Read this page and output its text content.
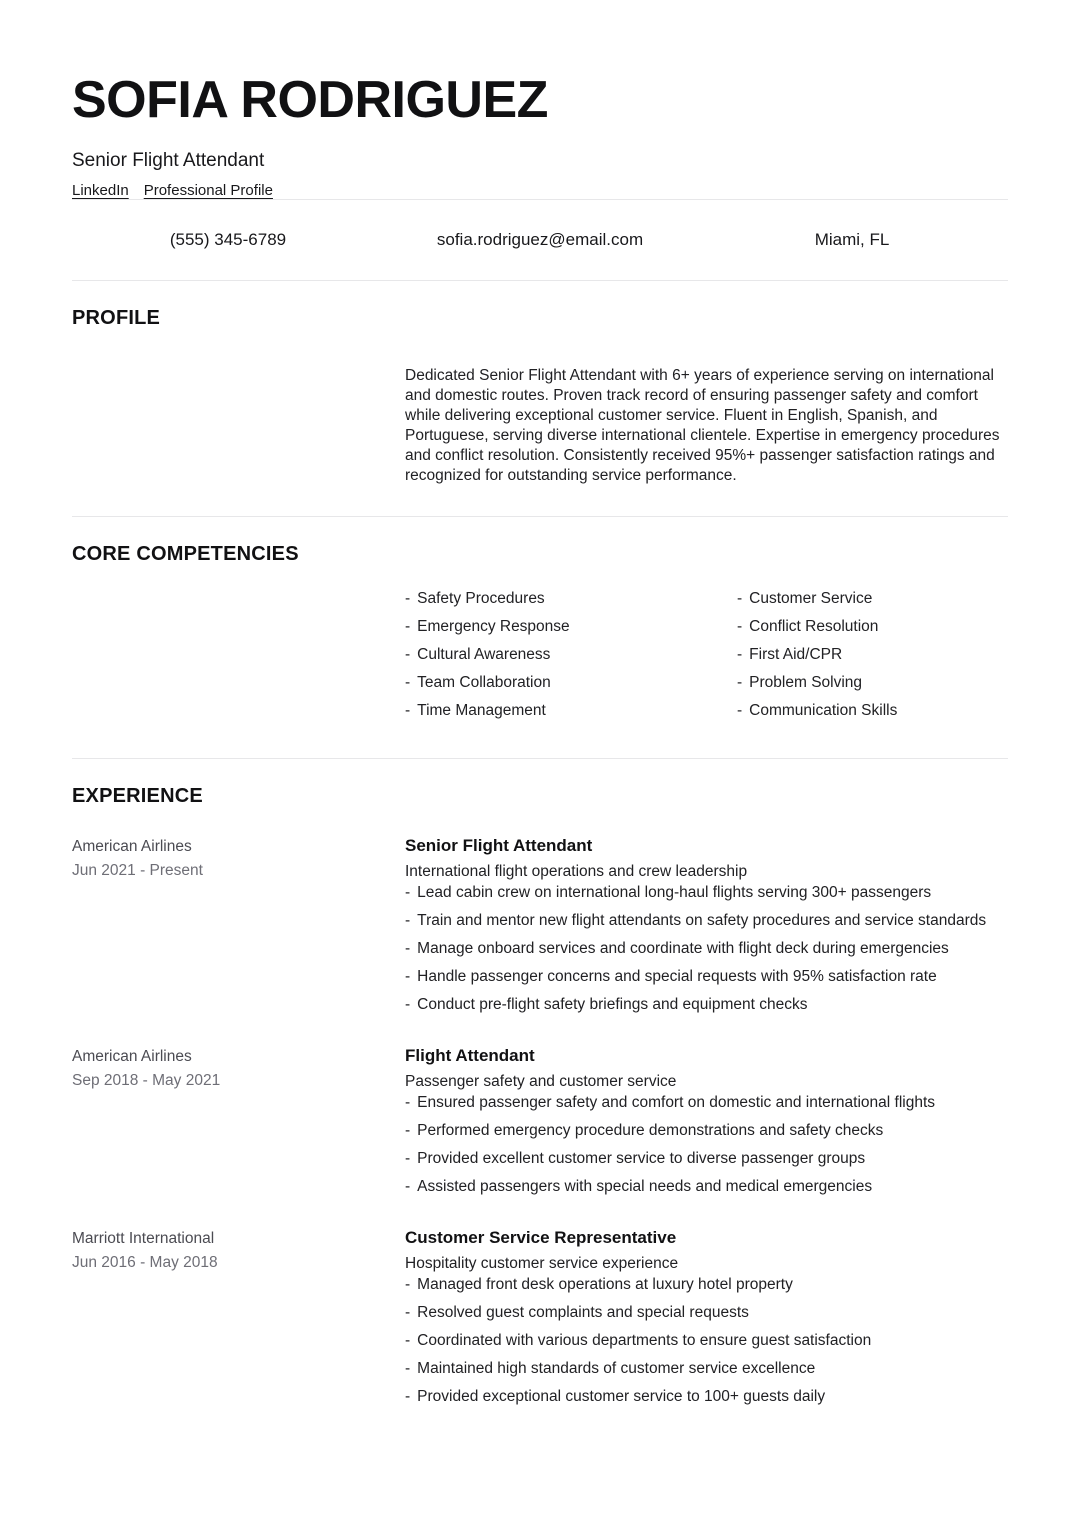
SOFIA RODRIGUEZ
Senior Flight Attendant
LinkedIn Professional Profile
(555) 345-6789	sofia.rodriguez@email.com	Miami, FL
PROFILE

Dedicated Senior Flight Attendant with 6+ years of experience serving on international and domestic routes. Proven track record of ensuring passenger safety and comfort while delivering exceptional customer service. Fluent in English, Spanish, and Portuguese, serving diverse international clientele. Expertise in emergency procedures and conflict resolution. Consistently received 95%+ passenger satisfaction ratings and recognized for outstanding service performance.

CORE COMPETENCIES
- Safety Procedures
- Emergency Response
- Cultural Awareness
- Team Collaboration
- Time Management
- Customer Service
- Conflict Resolution
- First Aid/CPR
- Problem Solving
- Communication Skills
EXPERIENCE
American Airlines
Jun 2021 - Present
Senior Flight Attendant
International flight operations and crew leadership
- Lead cabin crew on international long-haul flights serving 300+ passengers
- Train and mentor new flight attendants on safety procedures and service standards
- Manage onboard services and coordinate with flight deck during emergencies
- Handle passenger concerns and special requests with 95% satisfaction rate
- Conduct pre-flight safety briefings and equipment checks
American Airlines
Sep 2018 - May 2021
Flight Attendant
Passenger safety and customer service
- Ensured passenger safety and comfort on domestic and international flights
- Performed emergency procedure demonstrations and safety checks
- Provided excellent customer service to diverse passenger groups
- Assisted passengers with special needs and medical emergencies
Marriott International
Jun 2016 - May 2018
Customer Service Representative
Hospitality customer service experience
- Managed front desk operations at luxury hotel property
- Resolved guest complaints and special requests
- Coordinated with various departments to ensure guest satisfaction
- Maintained high standards of customer service excellence
- Provided exceptional customer service to 100+ guests daily
